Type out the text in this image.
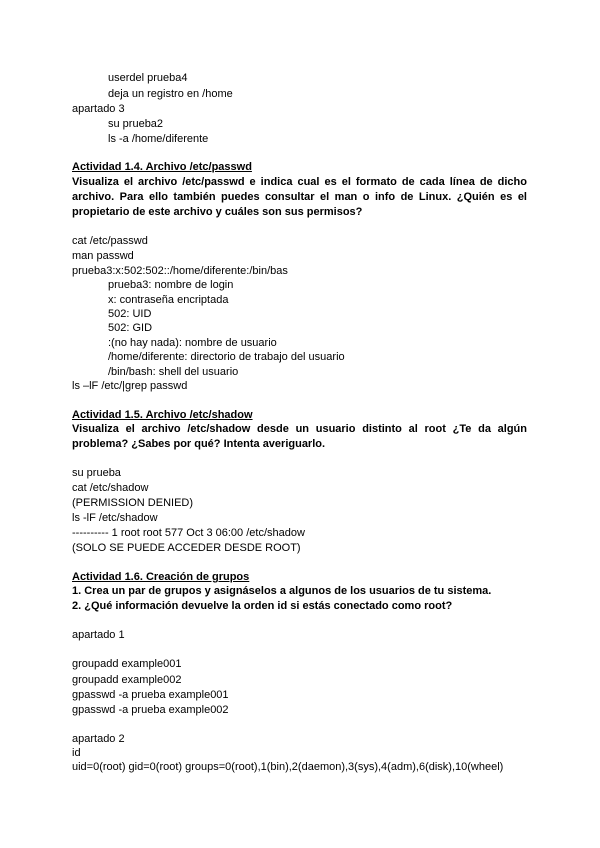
userdel prueba4
deja un registro en /home
apartado 3
su prueba2
ls -a /home/diferente
Actividad 1.4. Archivo /etc/passwd
Visualiza el archivo /etc/passwd e indica cual es el formato de cada línea de dicho archivo. Para ello también puedes consultar el man o info de Linux. ¿Quién es el propietario de este archivo y cuáles son sus permisos?
cat /etc/passwd
man passwd
prueba3:x:502:502::/home/diferente:/bin/bas
prueba3: nombre de login
x: contraseña encriptada
502: UID
502: GID
:(no hay nada): nombre de usuario
/home/diferente: directorio de trabajo del usuario
/bin/bash: shell del usuario
ls –lF /etc/|grep passwd
Actividad 1.5. Archivo /etc/shadow
Visualiza el archivo /etc/shadow desde un usuario distinto al root ¿Te da algún problema? ¿Sabes por qué? Intenta averiguarlo.
su prueba
cat /etc/shadow
(PERMISSION DENIED)
ls -lF /etc/shadow
---------- 1 root root 577 Oct 3 06:00 /etc/shadow
(SOLO SE PUEDE ACCEDER DESDE ROOT)
Actividad 1.6. Creación de grupos
1. Crea un par de grupos y asignáselos a algunos de los usuarios de tu sistema.
2. ¿Qué información devuelve la orden id si estás conectado como root?
apartado 1
groupadd example001
groupadd example002
gpasswd -a prueba example001
gpasswd -a prueba example002
apartado 2
id
uid=0(root) gid=0(root) groups=0(root),1(bin),2(daemon),3(sys),4(adm),6(disk),10(wheel)
